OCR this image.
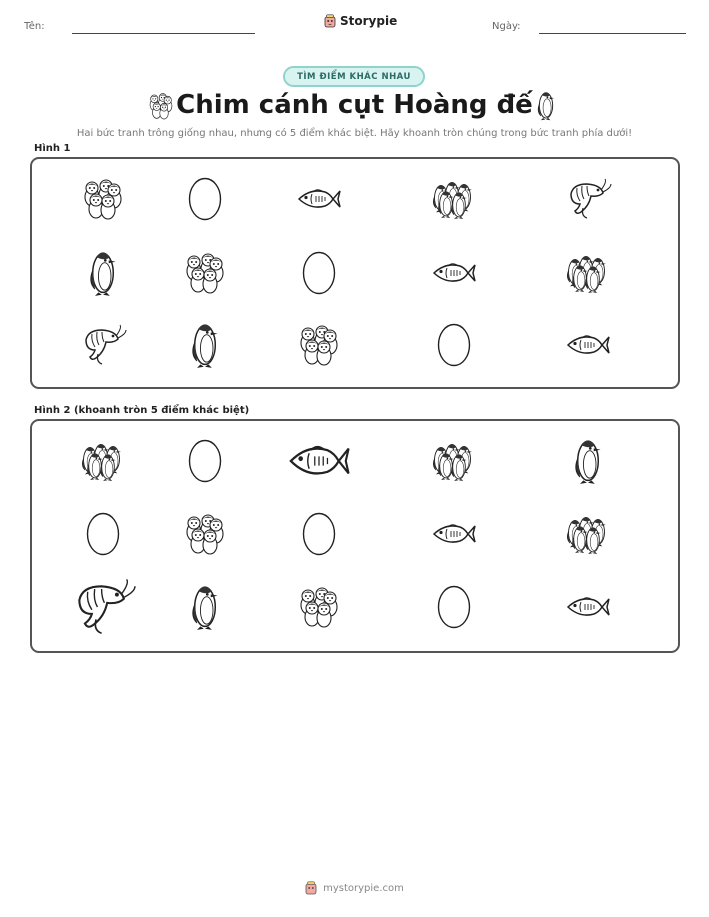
Tên:	Storypie	Ngày:
TÌM ĐIỂM KHÁC NHAU
Chim cánh cụt Hoàng đế
Hai bức tranh trông giống nhau, nhưng có 5 điểm khác biệt. Hãy khoanh tròn chúng trong bức tranh phía dưới!
Hình 1
Hình 2 (khoanh tròn 5 điểm khác biệt)
mystorypie.com
